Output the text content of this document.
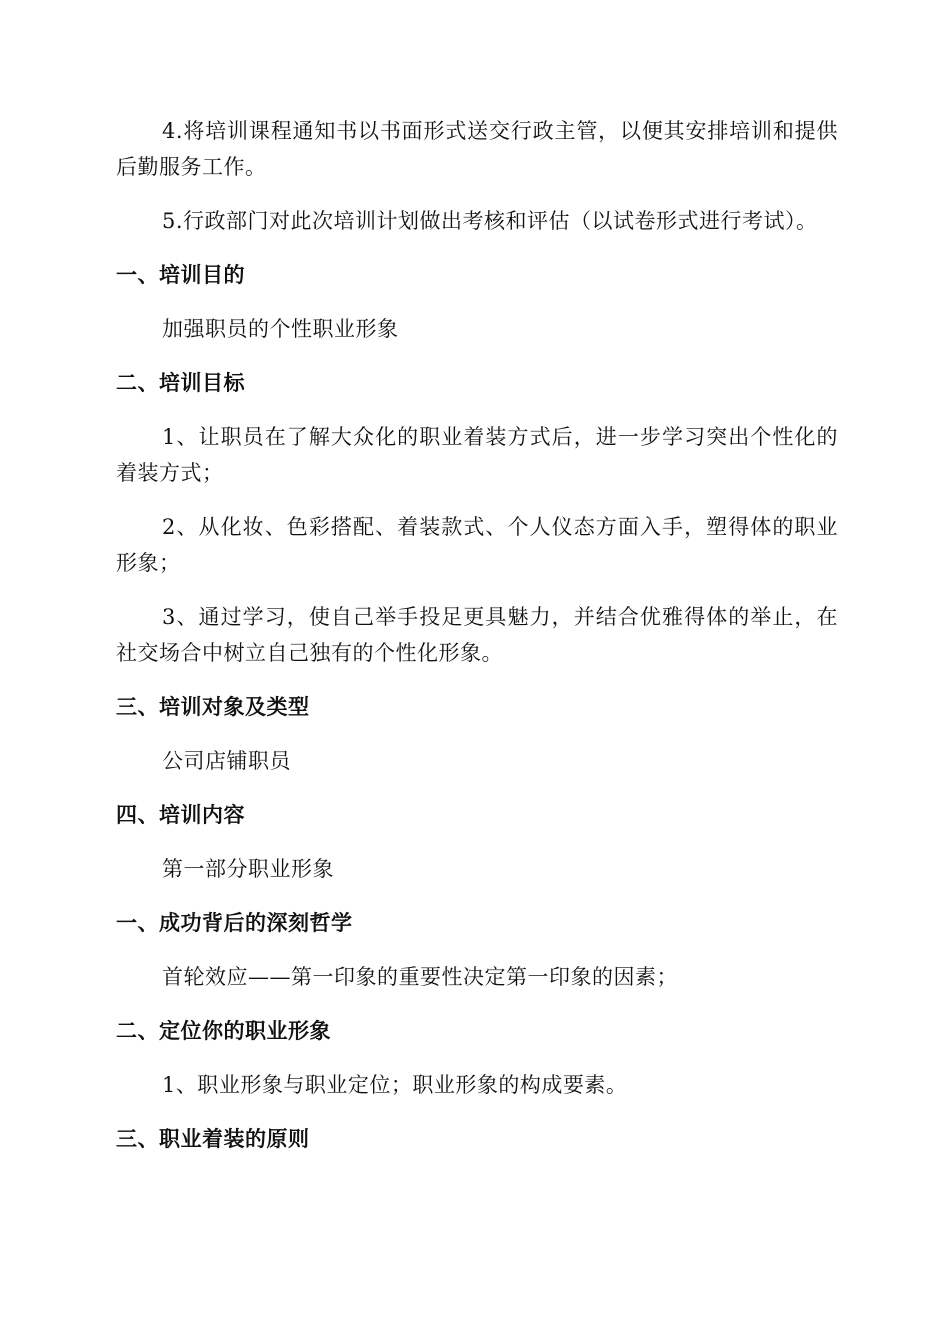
4.将培训课程通知书以书面形式送交行政主管，以便其安排培训和提供后勤服务工作。

5.行政部门对此次培训计划做出考核和评估（以试卷形式进行考试）。

一、培训目的

加强职员的个性职业形象

二、培训目标

1、让职员在了解大众化的职业着装方式后，进一步学习突出个性化的着装方式；

2、从化妆、色彩搭配、着装款式、个人仪态方面入手，塑得体的职业形象；

3、通过学习，使自己举手投足更具魅力，并结合优雅得体的举止，在社交场合中树立自己独有的个性化形象。

三、培训对象及类型

公司店铺职员

四、培训内容

第一部分职业形象

一、成功背后的深刻哲学

首轮效应——第一印象的重要性决定第一印象的因素；

二、定位你的职业形象

1、职业形象与职业定位；职业形象的构成要素。

三、职业着装的原则
